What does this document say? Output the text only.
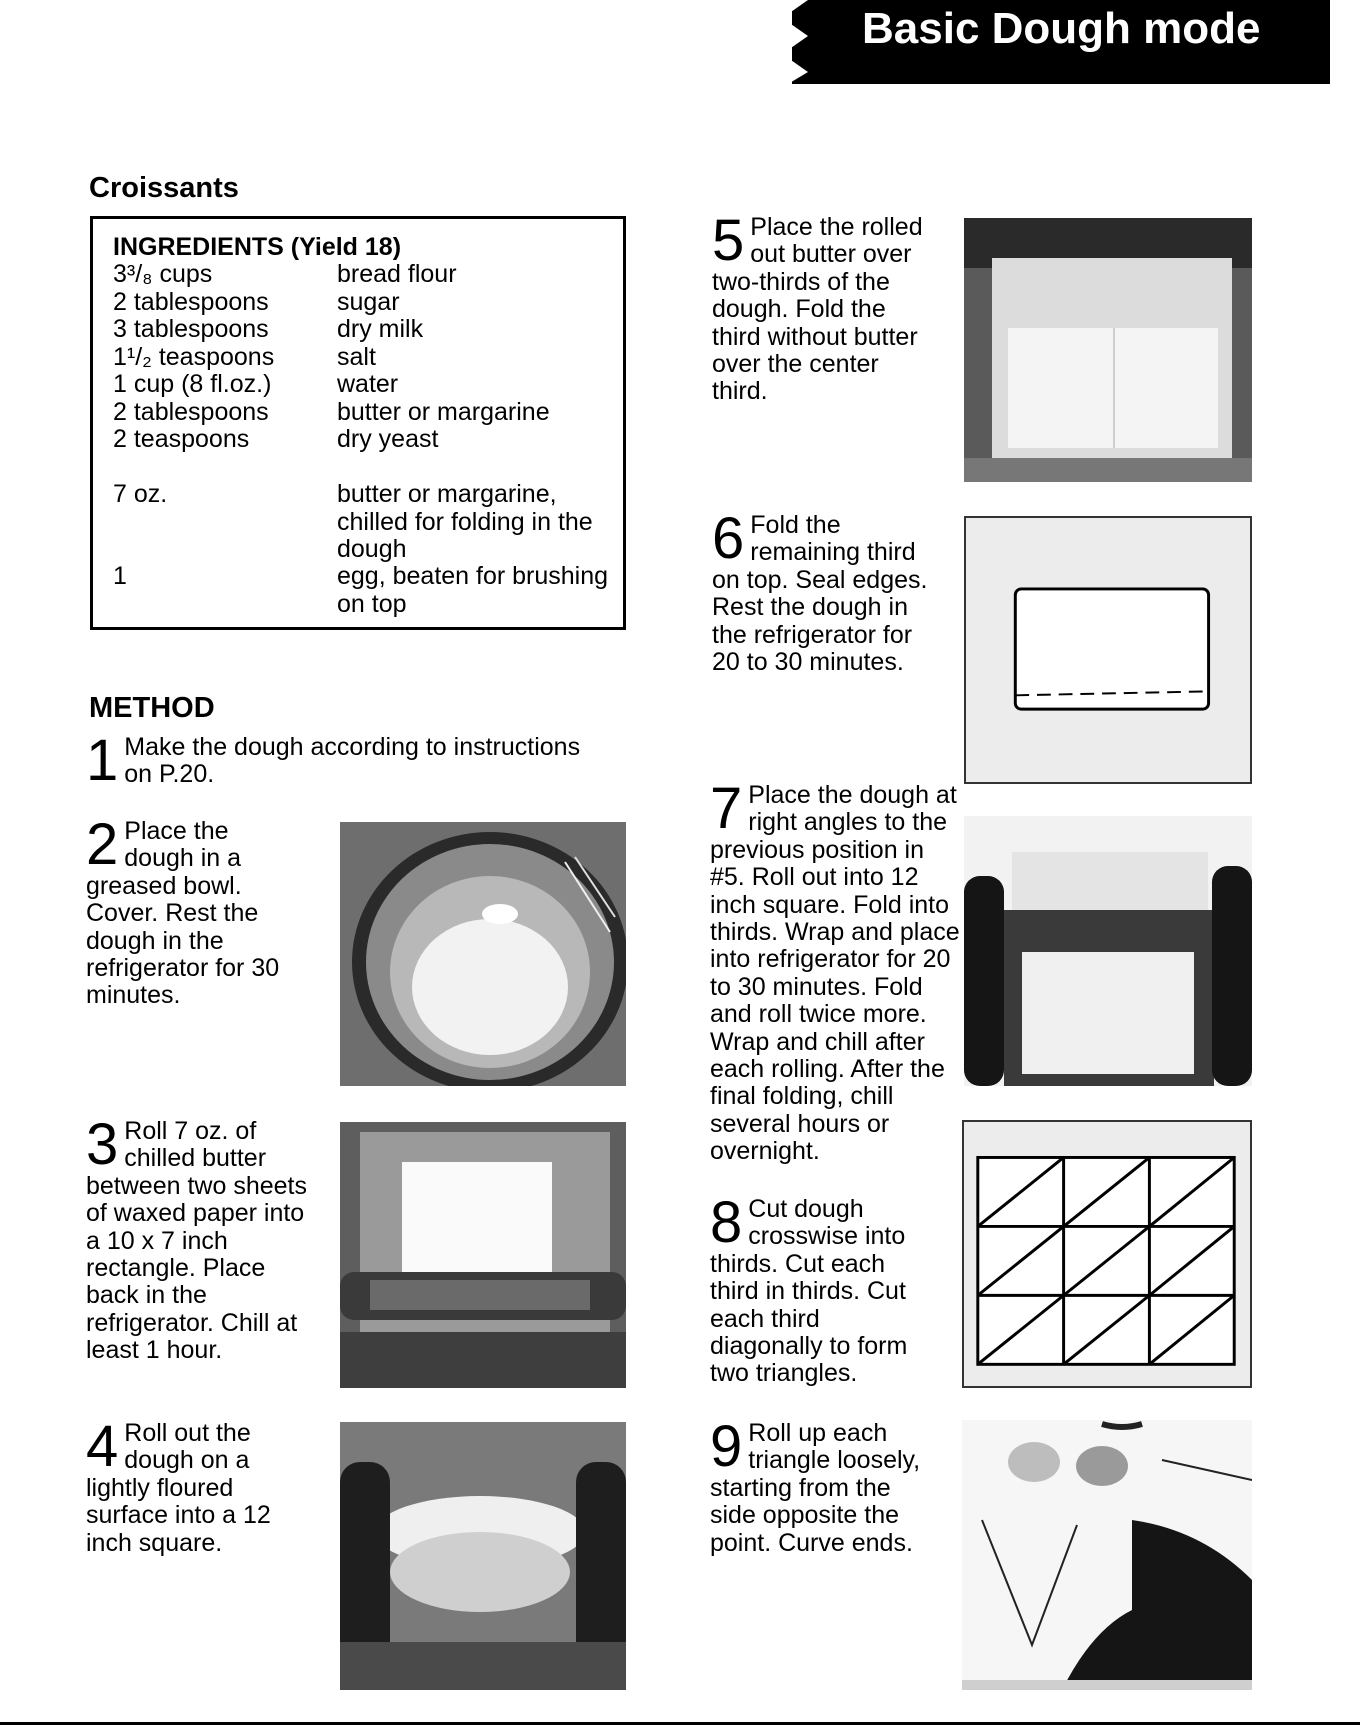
Basic Dough mode
Croissants
INGREDIENTS (Yield 18)
3³/₈ cups	bread flour
2 tablespoons	sugar
3 tablespoons	dry milk
1¹/₂ teaspoons	salt
1 cup (8 fl.oz.)	water
2 tablespoons	butter or margarine
2 teaspoons	dry yeast
7 oz.	butter or margarine, chilled for folding in the dough
1	egg, beaten for brushing on top
METHOD
1 Make the dough according to instructions on P.20.
2 Place the dough in a greased bowl. Cover. Rest the dough in the refrigerator for 30 minutes.
3 Roll 7 oz. of chilled butter between two sheets of waxed paper into a 10 x 7 inch rectangle. Place back in the refrigerator. Chill at least 1 hour.
4 Roll out the dough on a lightly floured surface into a 12 inch square.
5 Place the rolled out butter over two-thirds of the dough. Fold the third without butter over the center third.
6 Fold the remaining third on top. Seal edges. Rest the dough in the refrigerator for 20 to 30 minutes.
7 Place the dough at right angles to the previous position in #5. Roll out into 12 inch square. Fold into thirds. Wrap and place into refrigerator for 20 to 30 minutes. Fold and roll twice more. Wrap and chill after each rolling. After the final folding, chill several hours or overnight.
8 Cut dough crosswise into thirds. Cut each third in thirds. Cut each third diagonally to form two triangles.
9 Roll up each triangle loosely, starting from the side opposite the point. Curve ends.
